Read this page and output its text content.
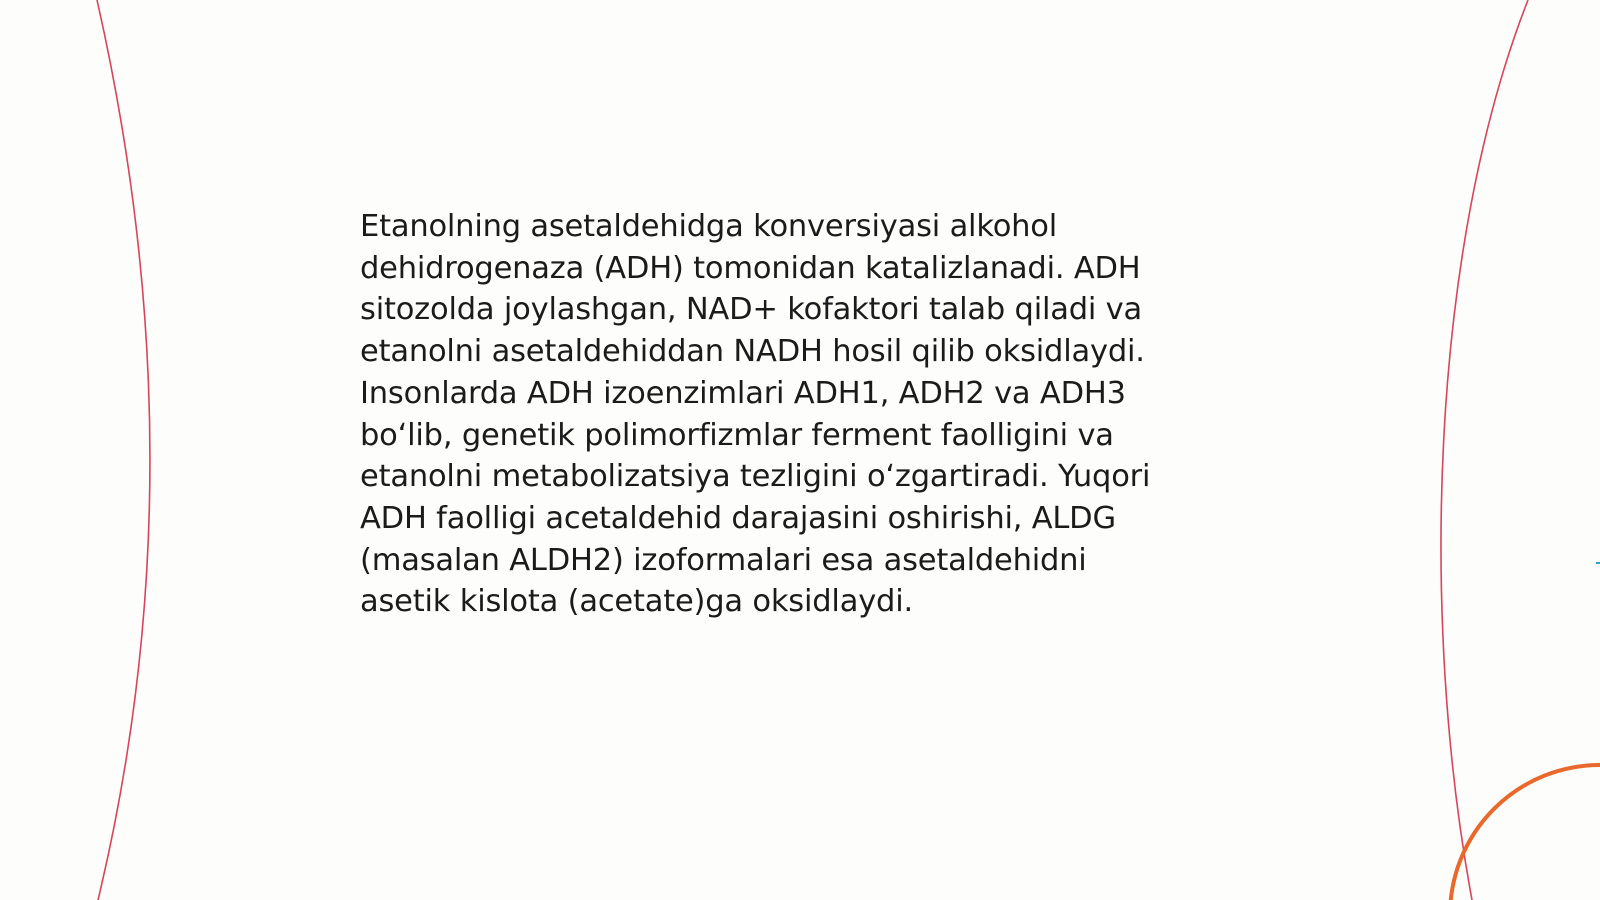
Etanolning asetaldehidga konversiyasi alkohol
dehidrogenaza (ADH) tomonidan katalizlanadi. ADH
sitozolda joylashgan, NAD+ kofaktori talab qiladi va
etanolni asetaldehiddan NADH hosil qilib oksidlaydi.
Insonlarda ADH izoenzimlari ADH1, ADH2 va ADH3
bo‘lib, genetik polimorfizmlar ferment faolligini va
etanolni metabolizatsiya tezligini o‘zgartiradi. Yuqori
ADH faolligi acetaldehid darajasini oshirishi, ALDG
(masalan ALDH2) izoformalari esa asetaldehidni
asetik kislota (acetate)ga oksidlaydi.
